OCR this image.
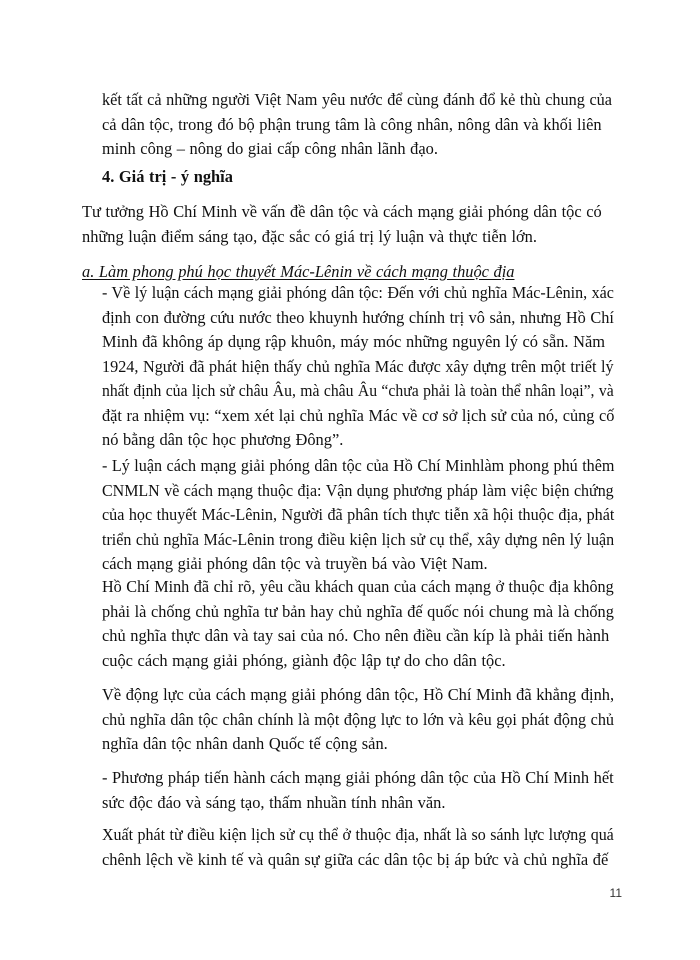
kết tất cả những người Việt Nam yêu nước để cùng đánh đổ kẻ thù chung của
cả dân tộc, trong đó bộ phận trung tâm là công nhân, nông dân và khối liên
minh công – nông do giai cấp công nhân lãnh đạo.
4. Giá trị - ý nghĩa
Tư tưởng Hồ Chí Minh về vấn đề dân tộc và cách mạng giải phóng dân tộc có
những luận điểm sáng tạo, đặc sắc có giá trị lý luận và thực tiễn lớn.
a. Làm phong phú học thuyết Mác-Lênin về cách mạng thuộc địa
- Về lý luận cách mạng giải phóng dân tộc: Đến với chủ nghĩa Mác-Lênin, xác
định con đường cứu nước theo khuynh hướng chính trị vô sản, nhưng Hồ Chí
Minh đã không áp dụng rập khuôn, máy móc những nguyên lý có sẵn. Năm
1924, Người đã phát hiện thấy chủ nghĩa Mác được xây dựng trên một triết lý
nhất định của lịch sử châu Âu, mà châu Âu “chưa phải là toàn thể nhân loại”, và
đặt ra nhiệm vụ: “xem xét lại chủ nghĩa Mác về cơ sở lịch sử của nó, củng cố
nó bằng dân tộc học phương Đông”.
- Lý luận cách mạng giải phóng dân tộc của Hồ Chí Minhlàm phong phú thêm
CNMLN về cách mạng thuộc địa: Vận dụng phương pháp làm việc biện chứng
của học thuyết Mác-Lênin, Người đã phân tích thực tiễn xã hội thuộc địa, phát
triển chủ nghĩa Mác-Lênin trong điều kiện lịch sử cụ thể, xây dựng nên lý luận
cách mạng giải phóng dân tộc và truyền bá vào Việt Nam.
Hồ Chí Minh đã chỉ rõ, yêu cầu khách quan của cách mạng ở thuộc địa không
phải là chống chủ nghĩa tư bản hay chủ nghĩa đế quốc nói chung mà là chống
chủ nghĩa thực dân và tay sai của nó. Cho nên điều cần kíp là phải tiến hành
cuộc cách mạng giải phóng, giành độc lập tự do cho dân tộc.
Về động lực của cách mạng giải phóng dân tộc, Hồ Chí Minh đã khẳng định,
chủ nghĩa dân tộc chân chính là một động lực to lớn và kêu gọi phát động chủ
nghĩa dân tộc nhân danh Quốc tế cộng sản.
- Phương pháp tiến hành cách mạng giải phóng dân tộc của Hồ Chí Minh hết
sức độc đáo và sáng tạo, thấm nhuần tính nhân văn.
Xuất phát từ điều kiện lịch sử cụ thể ở thuộc địa, nhất là so sánh lực lượng quá
chênh lệch về kinh tế và quân sự giữa các dân tộc bị áp bức và chủ nghĩa đế
11
